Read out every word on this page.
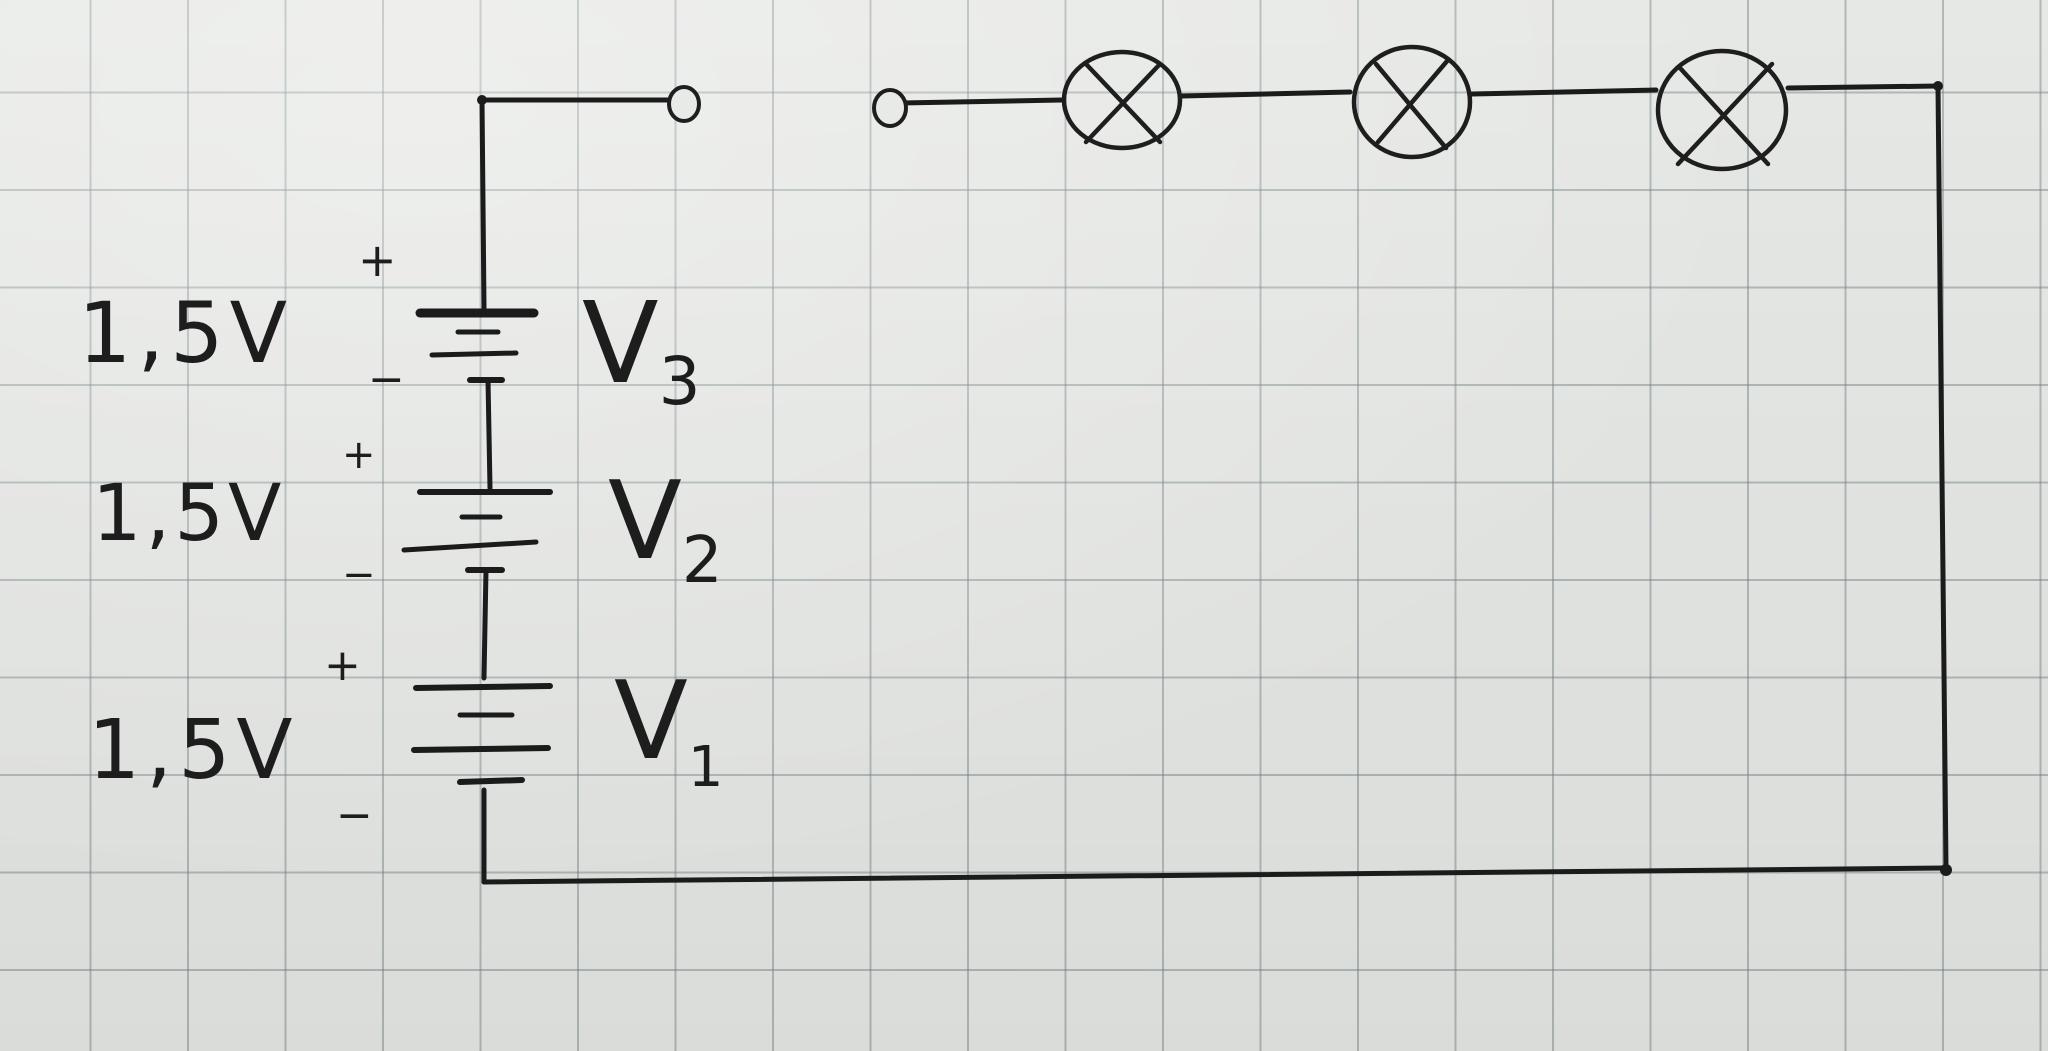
+
−
+
−
+
−
1,5V
1,5V
1,5V
V3
$V_2$
$V_1$
